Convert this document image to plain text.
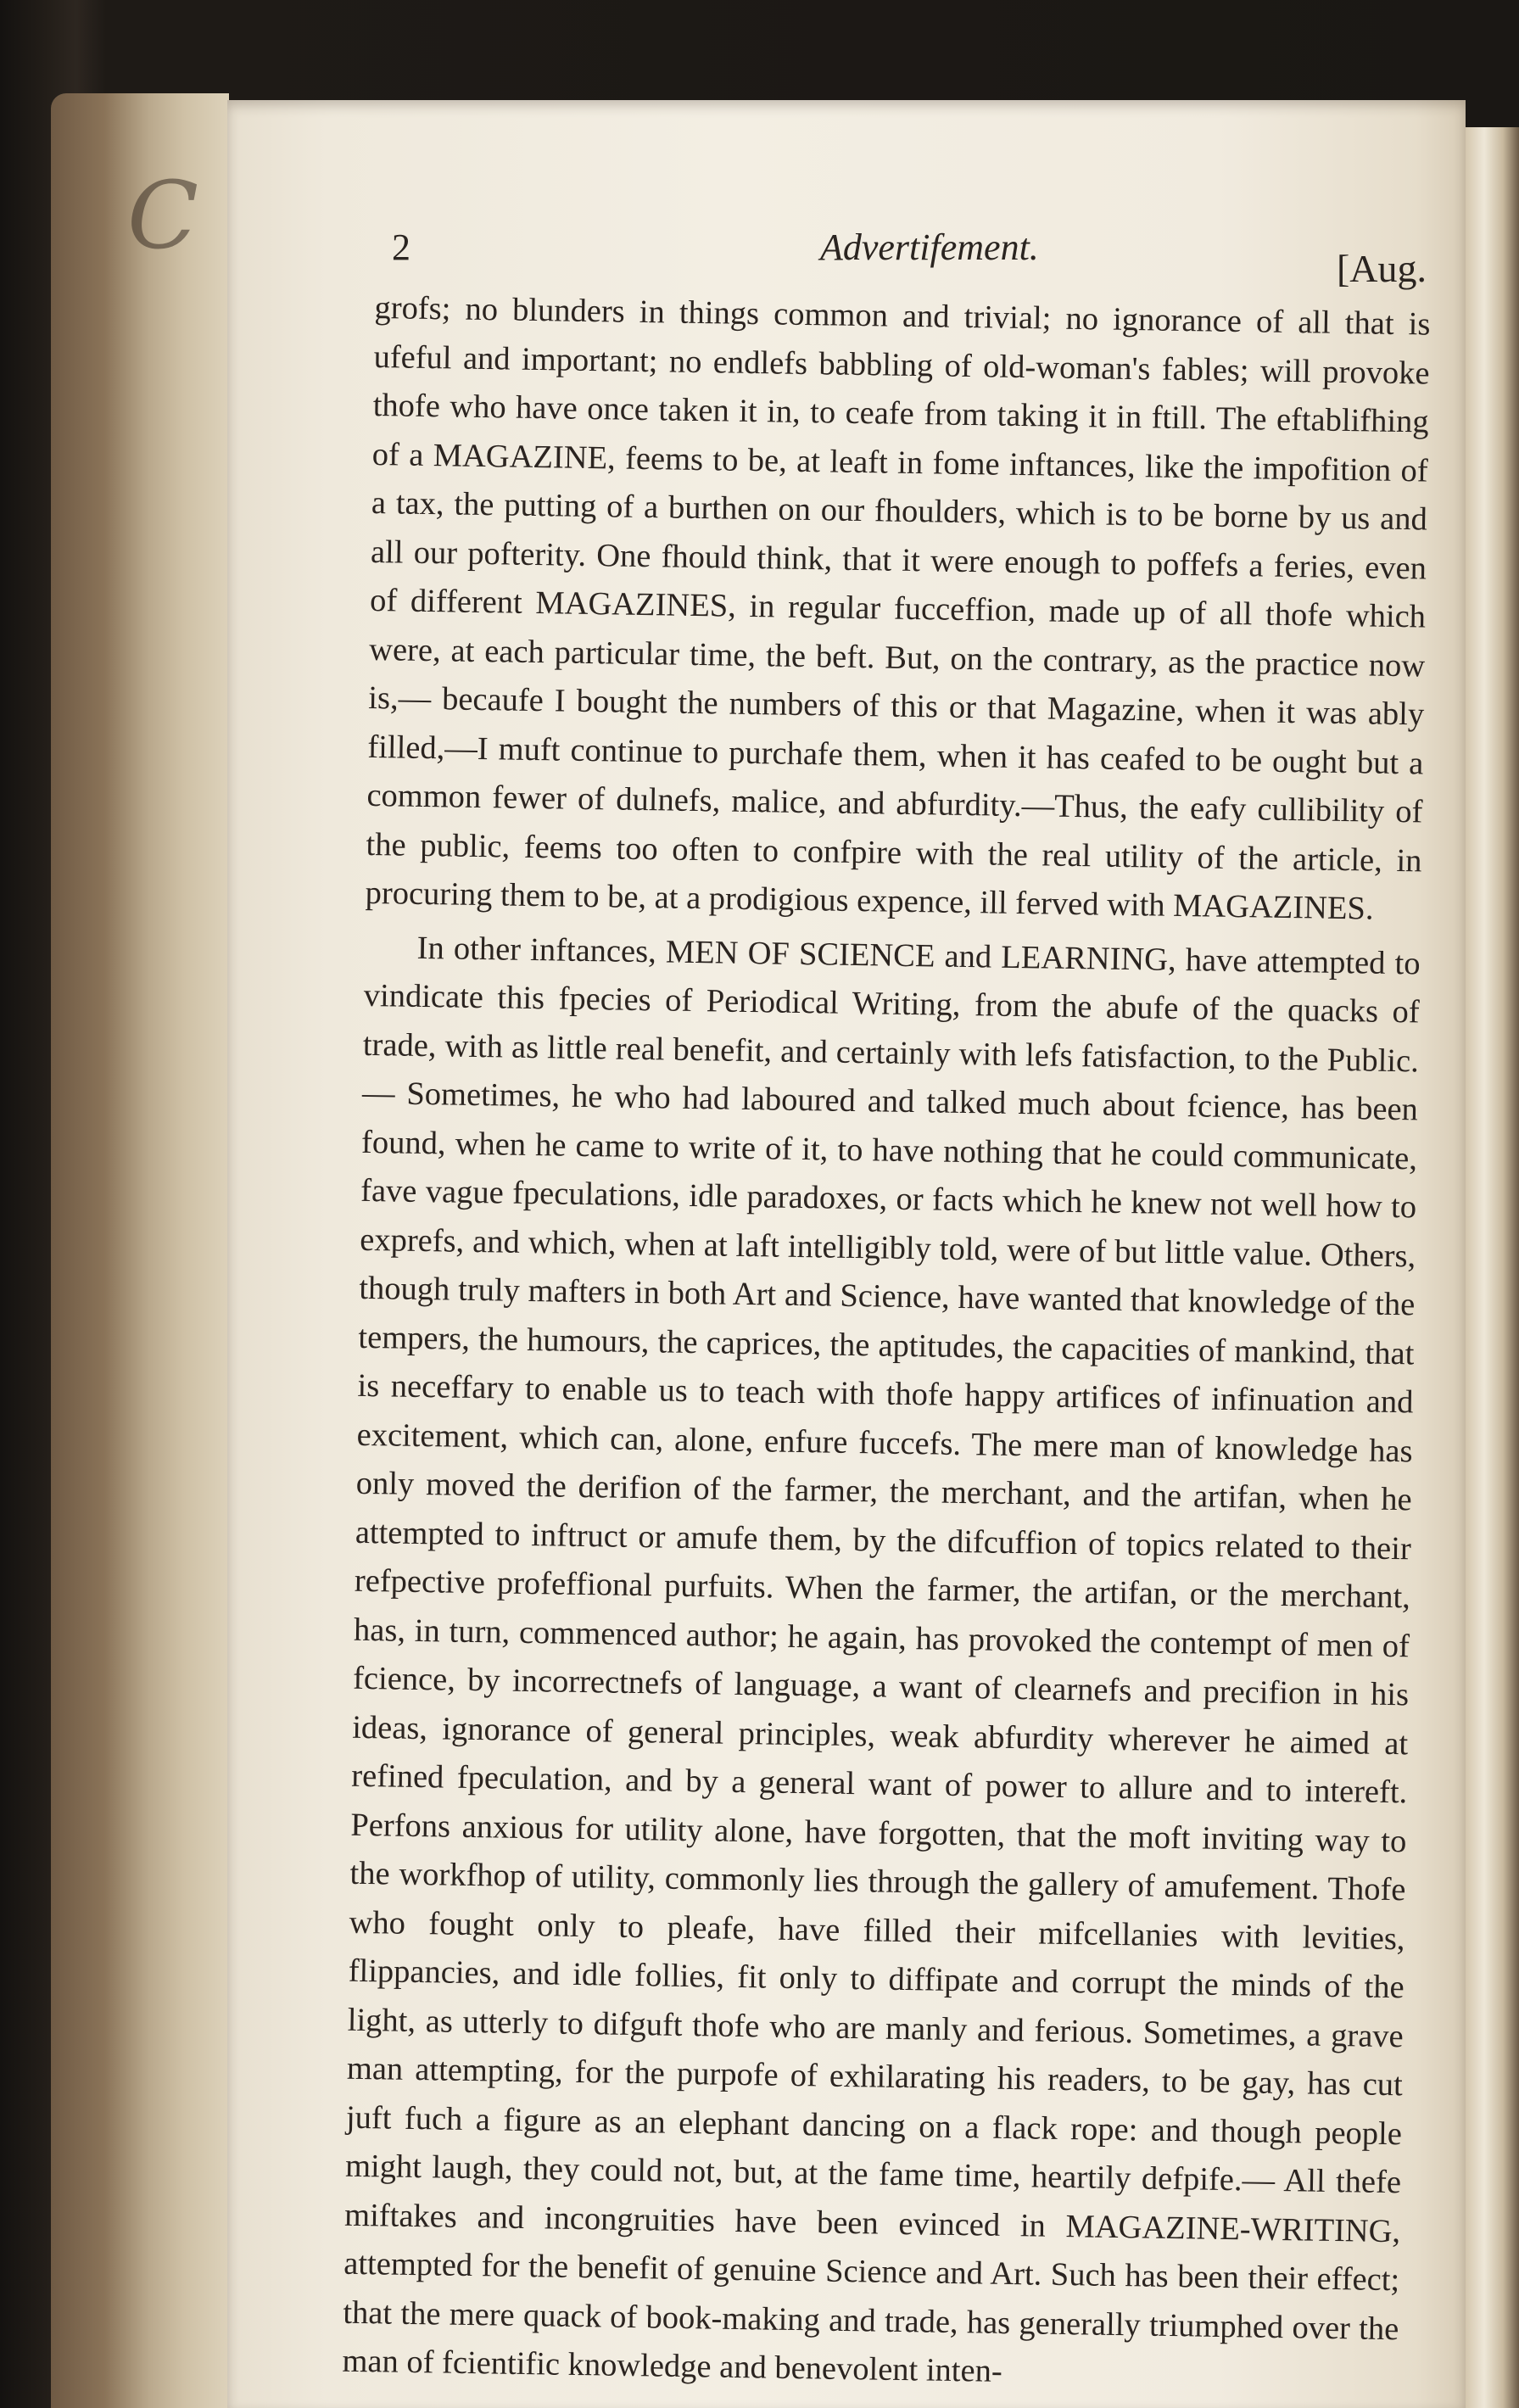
C	2	Advertifement.	[Aug.

grofs; no blunders in things common and trivial; no ignorance of all that is ufeful and important; no endlefs babbling of old-woman's fables; will provoke thofe who have once taken it in, to ceafe from taking it in ftill. The eftablifhing of a MAGAZINE, feems to be, at leaft in fome inftances, like the impofition of a tax, the putting of a burthen on our fhoulders, which is to be borne by us and all our pofterity. One fhould think, that it were enough to poffefs a feries, even of different MAGAZINES, in regular fucceffion, made up of all thofe which were, at each particular time, the beft. But, on the contrary, as the practice now is,— becaufe I bought the numbers of this or that Magazine, when it was ably filled,—I muft continue to purchafe them, when it has ceafed to be ought but a common fewer of dulnefs, malice, and abfurdity.—Thus, the eafy cullibility of the public, feems too often to confpire with the real utility of the article, in procuring them to be, at a prodigious expence, ill ferved with MAGAZINES.

In other inftances, MEN OF SCIENCE and LEARNING, have attempted to vindicate this fpecies of Periodical Writing, from the abufe of the quacks of trade, with as little real benefit, and certainly with lefs fatisfaction, to the Public.— Sometimes, he who had laboured and talked much about fcience, has been found, when he came to write of it, to have nothing that he could communicate, fave vague fpeculations, idle paradoxes, or facts which he knew not well how to exprefs, and which, when at laft intelligibly told, were of but little value. Others, though truly mafters in both Art and Science, have wanted that knowledge of the tempers, the humours, the caprices, the aptitudes, the capacities of mankind, that is neceffary to enable us to teach with thofe happy artifices of infinuation and excitement, which can, alone, enfure fuccefs. The mere man of knowledge has only moved the derifion of the farmer, the merchant, and the artifan, when he attempted to inftruct or amufe them, by the difcuffion of topics related to their refpective profeffional purfuits. When the farmer, the artifan, or the merchant, has, in turn, commenced author; he again, has provoked the contempt of men of fcience, by incorrectnefs of language, a want of clearnefs and precifion in his ideas, ignorance of general principles, weak abfurdity wherever he aimed at refined fpeculation, and by a general want of power to allure and to intereft. Perfons anxious for utility alone, have forgotten, that the moft inviting way to the workfhop of utility, commonly lies through the gallery of amufement. Thofe who fought only to pleafe, have filled their mifcellanies with levities, flippancies, and idle follies, fit only to diffipate and corrupt the minds of the light, as utterly to difguft thofe who are manly and ferious. Sometimes, a grave man attempting, for the purpofe of exhilarating his readers, to be gay, has cut juft fuch a figure as an elephant dancing on a flack rope: and though people might laugh, they could not, but, at the fame time, heartily defpife.— All thefe miftakes and incongruities have been evinced in MAGAZINE-WRITING, attempted for the benefit of genuine Science and Art. Such has been their effect; that the mere quack of book-making and trade, has generally triumphed over the man of fcientific knowledge and benevolent inten-
